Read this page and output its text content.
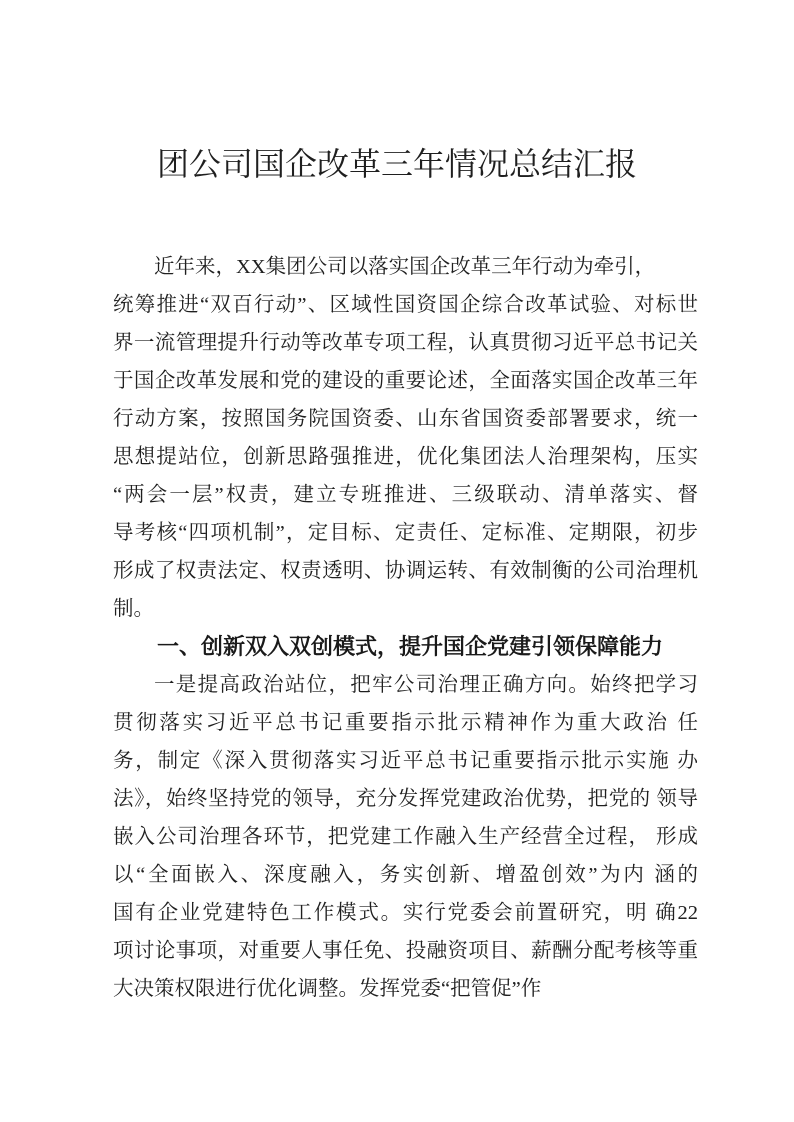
团公司国企改革三年情况总结汇报
近年来，XX集团公司以落实国企改革三年行动为牵引，
统筹推进“双百行动”、区域性国资国企综合改革试验、对标世
界一流管理提升行动等改革专项工程，认真贯彻习近平总书记关
于国企改革发展和党的建设的重要论述，全面落实国企改革三年
行动方案，按照国务院国资委、山东省国资委部署要求，统一
思想提站位，创新思路强推进，优化集团法人治理架构，压实
“两会一层”权责，建立专班推进、三级联动、清单落实、督
导考核“四项机制”，定目标、定责任、定标准、定期限，初步
形成了权责法定、权责透明、协调运转、有效制衡的公司治理机
制。
一、创新双入双创模式，提升国企党建引领保障能力
一是提高政治站位，把牢公司治理正确方向。始终把学习
贯彻落实习近平总书记重要指示批示精神作为重大政治 任
务，制定《深入贯彻落实习近平总书记重要指示批示实施 办
法》，始终坚持党的领导，充分发挥党建政治优势，把党的 领导
嵌入公司治理各环节，把党建工作融入生产经营全过程， 形成
以“全面嵌入、深度融入，务实创新、增盈创效”为内 涵的
国有企业党建特色工作模式。实行党委会前置研究，明 确22
项讨论事项，对重要人事任免、投融资项目、薪酬分配考核等重
大决策权限进行优化调整。发挥党委“把管促”作
